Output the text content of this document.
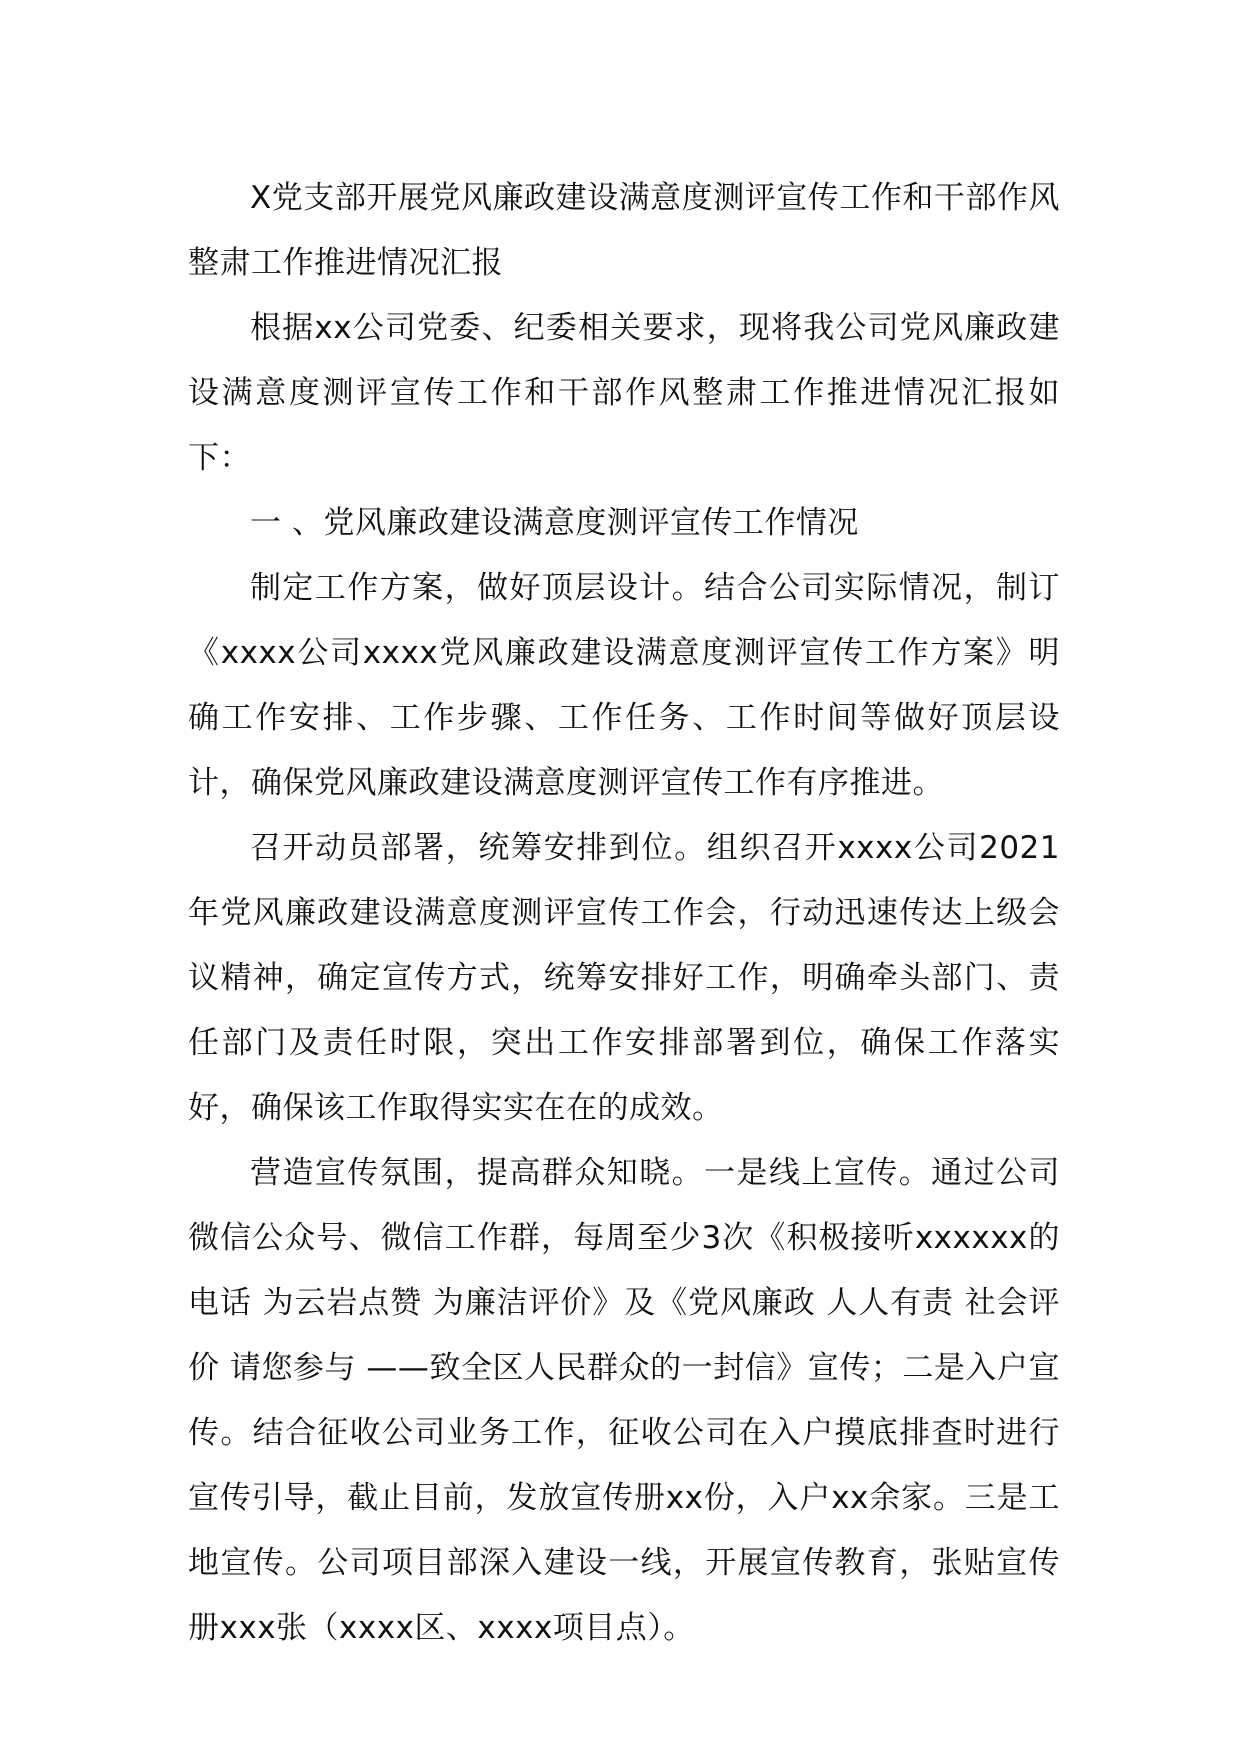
X党支部开展党风廉政建设满意度测评宣传工作和干部作风整肃工作推进情况汇报

根据xx公司党委、纪委相关要求，现将我公司党风廉政建设满意度测评宣传工作和干部作风整肃工作推进情况汇报如下：

一 、党风廉政建设满意度测评宣传工作情况

制定工作方案，做好顶层设计。结合公司实际情况，制订《xxxx公司xxxx党风廉政建设满意度测评宣传工作方案》明确工作安排、工作步骤、工作任务、工作时间等做好顶层设计，确保党风廉政建设满意度测评宣传工作有序推进。

召开动员部署，统筹安排到位。组织召开xxxx公司2021年党风廉政建设满意度测评宣传工作会，行动迅速传达上级会议精神，确定宣传方式，统筹安排好工作，明确牵头部门、责任部门及责任时限，突出工作安排部署到位，确保工作落实好，确保该工作取得实实在在的成效。

营造宣传氛围，提高群众知晓。一是线上宣传。通过公司微信公众号、微信工作群，每周至少3次《积极接听xxxxxx的电话 为云岩点赞 为廉洁评价》及《党风廉政 人人有责 社会评价 请您参与 ——致全区人民群众的一封信》宣传；二是入户宣传。结合征收公司业务工作，征收公司在入户摸底排查时进行宣传引导，截止目前，发放宣传册xx份，入户xx余家。三是工地宣传。公司项目部深入建设一线，开展宣传教育，张贴宣传册xxx张（xxxx区、xxxx项目点）。
